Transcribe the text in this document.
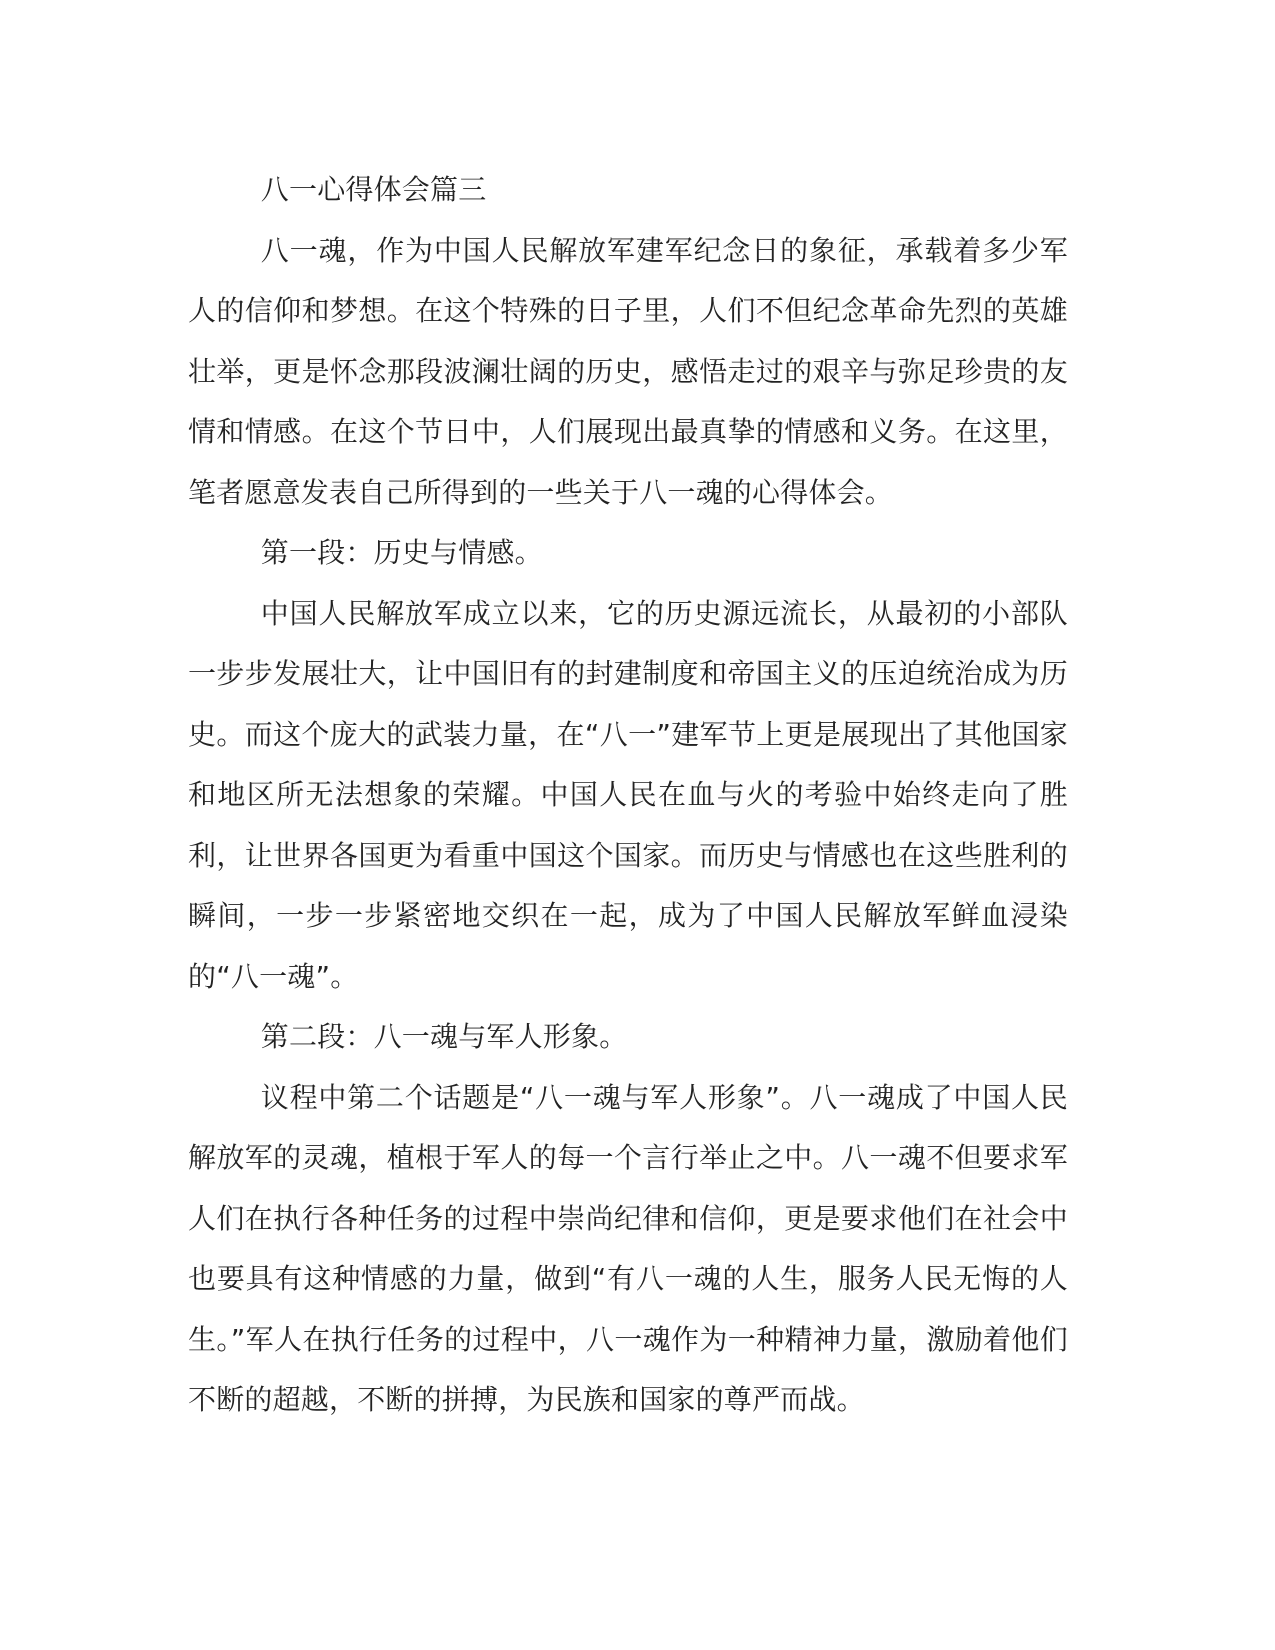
八一心得体会篇三

八一魂，作为中国人民解放军建军纪念日的象征，承载着多少军人的信仰和梦想。在这个特殊的日子里，人们不但纪念革命先烈的英雄壮举，更是怀念那段波澜壮阔的历史，感悟走过的艰辛与弥足珍贵的友情和情感。在这个节日中，人们展现出最真挚的情感和义务。在这里，笔者愿意发表自己所得到的一些关于八一魂的心得体会。

第一段：历史与情感。

中国人民解放军成立以来，它的历史源远流长，从最初的小部队一步步发展壮大，让中国旧有的封建制度和帝国主义的压迫统治成为历史。而这个庞大的武装力量，在“八一”建军节上更是展现出了其他国家和地区所无法想象的荣耀。中国人民在血与火的考验中始终走向了胜利，让世界各国更为看重中国这个国家。而历史与情感也在这些胜利的瞬间，一步一步紧密地交织在一起，成为了中国人民解放军鲜血浸染的“八一魂”。

第二段：八一魂与军人形象。

议程中第二个话题是“八一魂与军人形象”。八一魂成了中国人民解放军的灵魂，植根于军人的每一个言行举止之中。八一魂不但要求军人们在执行各种任务的过程中崇尚纪律和信仰，更是要求他们在社会中也要具有这种情感的力量，做到“有八一魂的人生，服务人民无悔的人生。”军人在执行任务的过程中，八一魂作为一种精神力量，激励着他们不断的超越，不断的拼搏，为民族和国家的尊严而战。
